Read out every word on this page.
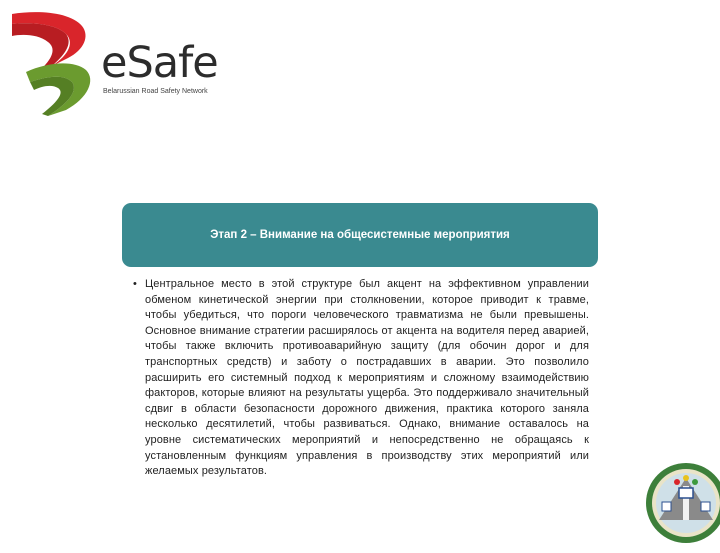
eSafe
Belarussian Road Safety Network
Этап 2 – Внимание на общесистемные мероприятия
• Центральное место в этой структуре был акцент на эффективном управлении обменом кинетической энергии при столкновении, которое приводит к травме, чтобы убедиться, что пороги человеческого травматизма не были превышены. Основное внимание стратегии расширялось от акцента на водителя перед аварией, чтобы также включить противоаварийную защиту (для обочин дорог и для транспортных средств) и заботу о пострадавших в аварии. Это позволило расширить его системный подход к мероприятиям и сложному взаимодействию факторов, которые влияют на результаты ущерба. Это поддерживало значительный сдвиг в области безопасности дорожного движения, практика которого заняла несколько десятилетий, чтобы развиваться. Однако, внимание оставалось на уровне систематических мероприятий и непосредственно не обращаясь к установленным функциям управления в производству этих мероприятий или желаемых результатов.
